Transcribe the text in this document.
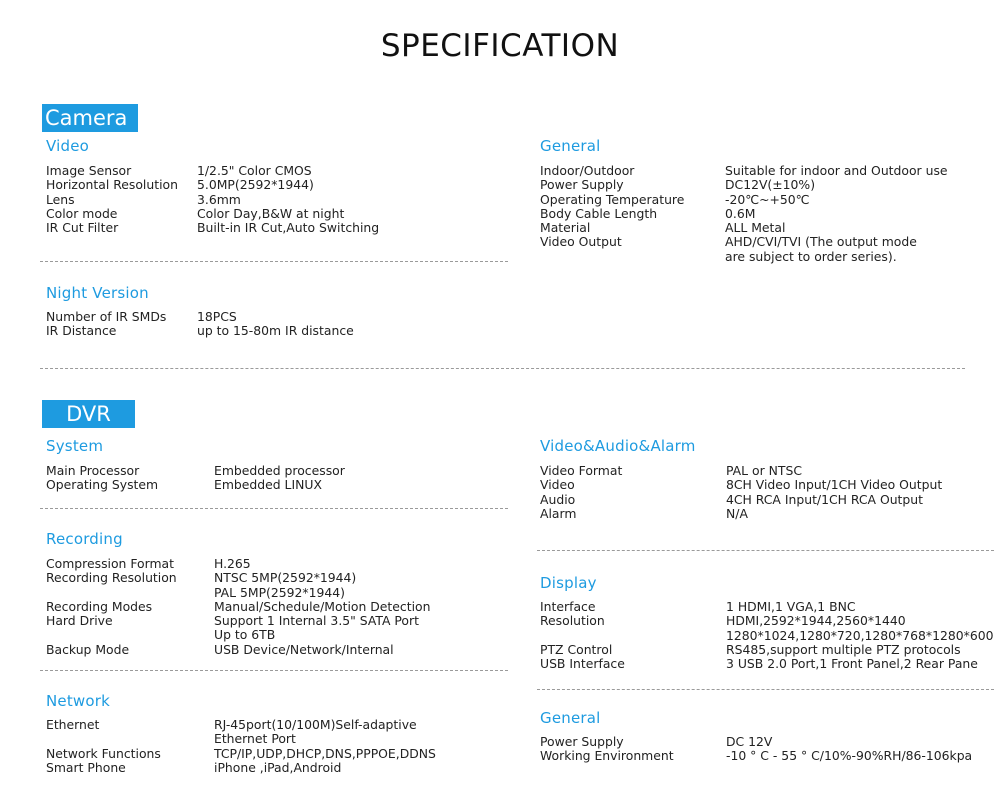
SPECIFICATION
Camera
Video
Image Sensor	1/2.5" Color CMOS
Horizontal Resolution 5.0MP(2592*1944)
Lens	3.6mm
Color mode	Color Day,B&W at night
IR Cut Filter	Built-in IR Cut,Auto Switching
Night Version
Number of IR SMDs 18PCS
IR Distance	up to 15-80m IR distance
General
Indoor/Outdoor	Suitable for indoor and Outdoor use
Power Supply	DC12V(±10%)
Operating Temperature	-20℃~+50℃
Body Cable Length	0.6M
Material	ALL Metal
Video Output	AHD/CVI/TVI (The output mode
are subject to order series).
DVR
System
Main Processor	Embedded processor
Operating System	Embedded LINUX
Recording
Compression Format	H.265
Recording Resolution	NTSC 5MP(2592*1944)
PAL 5MP(2592*1944)
Recording Modes	Manual/Schedule/Motion Detection
Hard Drive	Support 1 Internal 3.5" SATA Port
Up to 6TB
Backup Mode	USB Device/Network/Internal
Network
Ethernet	RJ-45port(10/100M)Self-adaptive
Ethernet Port
Network Functions	TCP/IP,UDP,DHCP,DNS,PPPOE,DDNS
Smart Phone	iPhone ,iPad,Android
Video&Audio&Alarm
Video Format	PAL or NTSC
Video	8CH Video Input/1CH Video Output
Audio	4CH RCA Input/1CH RCA Output
Alarm	N/A
Display
Interface	1 HDMI,1 VGA,1 BNC
Resolution	HDMI,2592*1944,2560*1440
1280*1024,1280*720,1280*768*1280*600
PTZ Control	RS485,support multiple PTZ protocols
USB Interface	3 USB 2.0 Port,1 Front Panel,2 Rear Pane
General
Power Supply	DC 12V
Working Environment	-10 ° C - 55 ° C/10%-90%RH/86-106kpa
